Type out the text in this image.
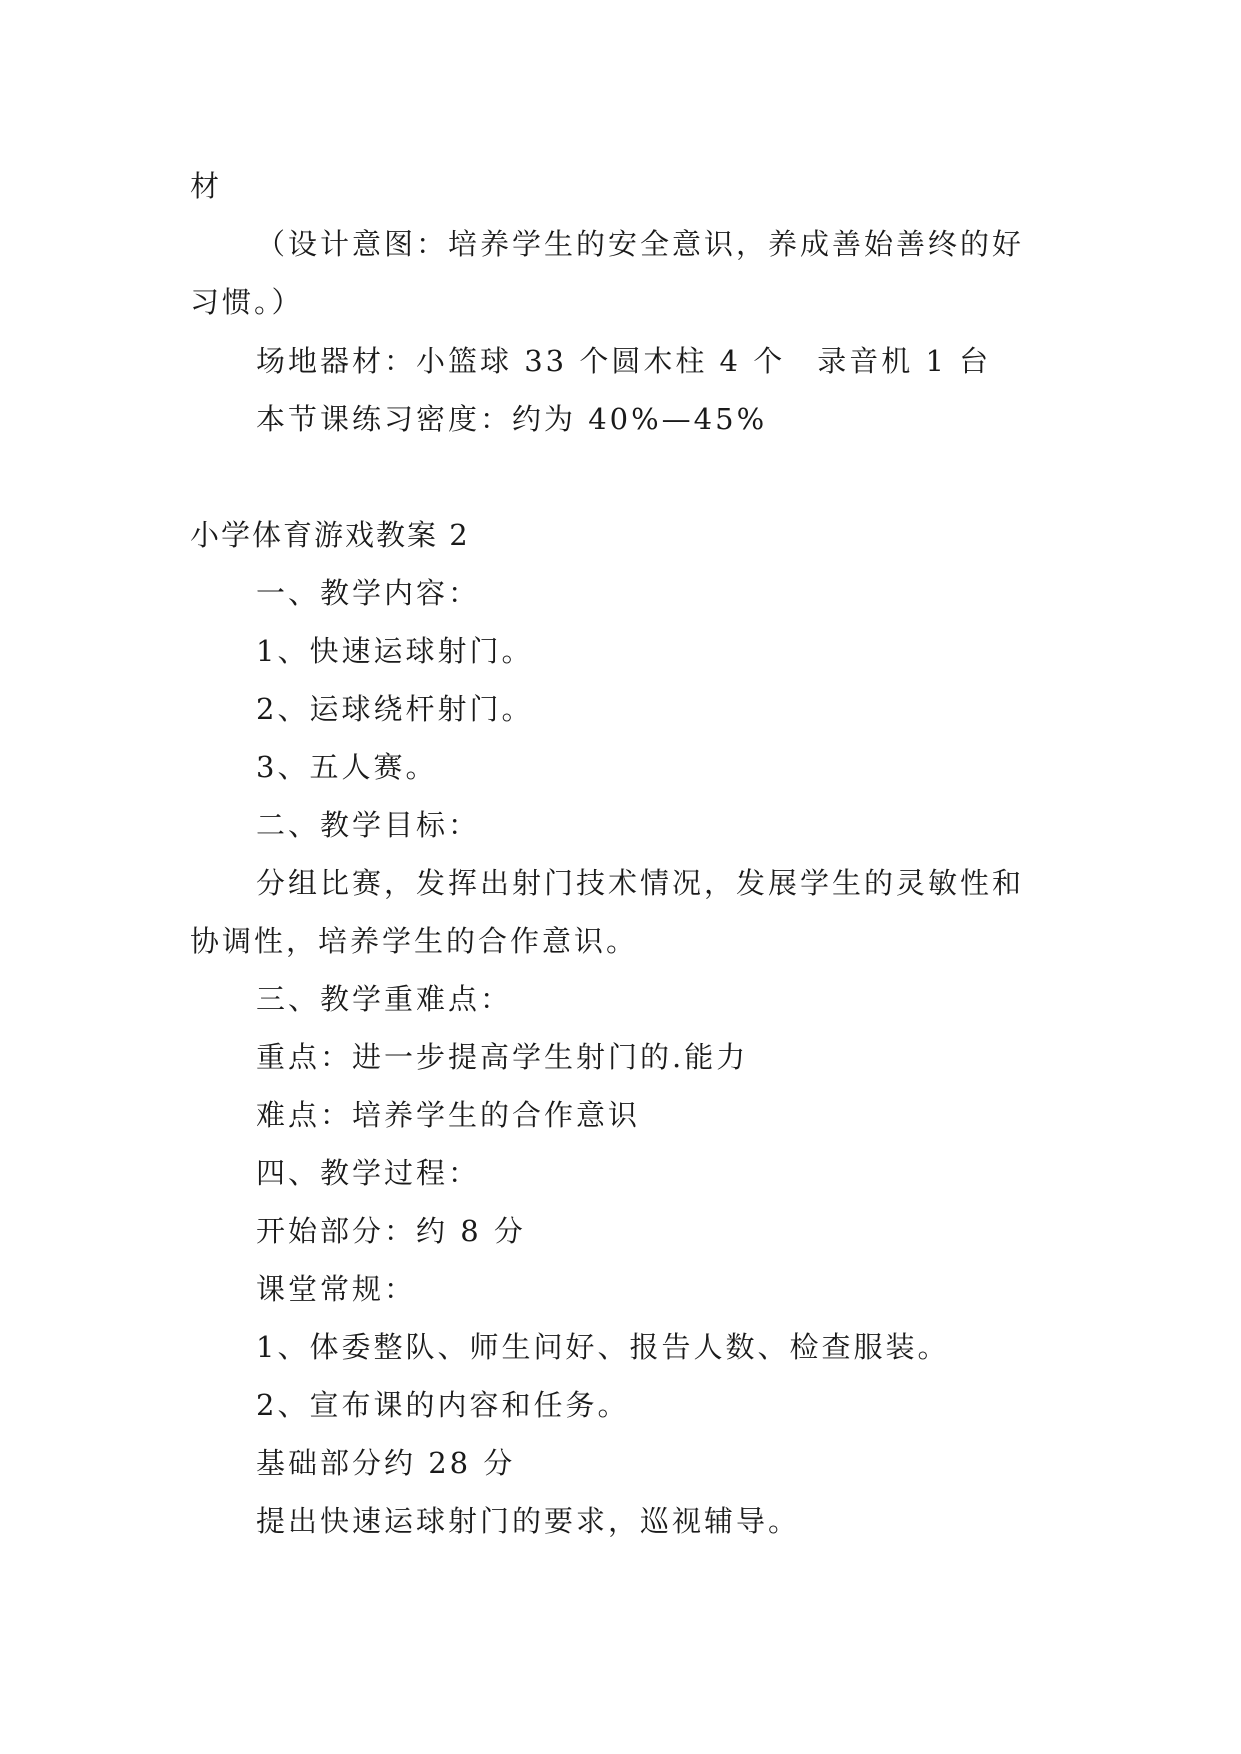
材
（设计意图：培养学生的安全意识，养成善始善终的好
习惯。）
场地器材：小篮球 33 个圆木柱 4 个　录音机 1 台
本节课练习密度：约为 40%—45%
小学体育游戏教案 2
一、教学内容：
1、快速运球射门。
2、运球绕杆射门。
3、五人赛。
二、教学目标：
分组比赛，发挥出射门技术情况，发展学生的灵敏性和
协调性，培养学生的合作意识。
三、教学重难点：
重点：进一步提高学生射门的.能力
难点：培养学生的合作意识
四、教学过程：
开始部分：约 8 分
课堂常规：
1、体委整队、师生问好、报告人数、检查服装。
2、宣布课的内容和任务。
基础部分约 28 分
提出快速运球射门的要求，巡视辅导。
